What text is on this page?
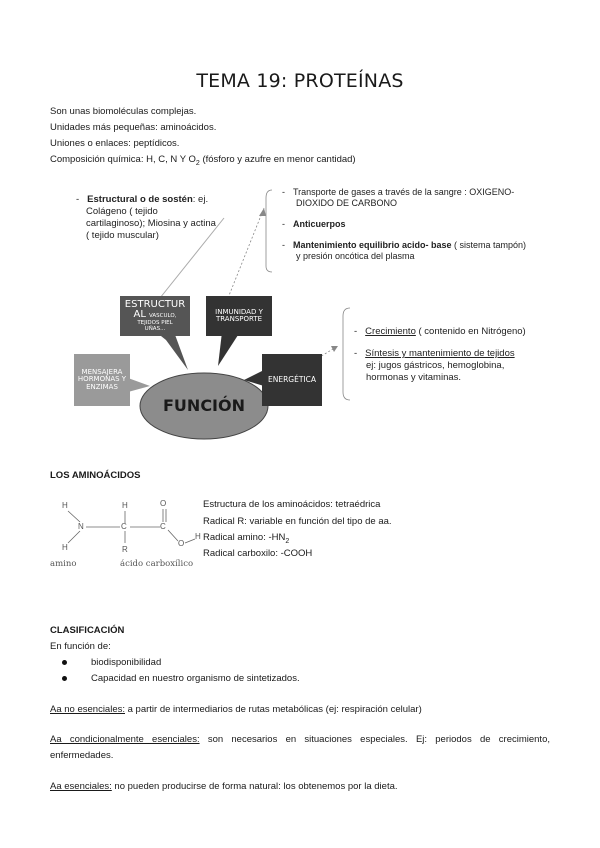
TEMA 19: PROTEÍNAS
Son unas biomoléculas complejas.
Unidades más pequeñas: aminoácidos.
Uniones o enlaces: peptídicos.
Composición química: H, C, N Y $O_2$ (fósforo y azufre en menor cantidad)
- Estructural o de sostén: ej.
Colágeno ( tejido
cartilaginoso); Miosina y actina
( tejido muscular)
- Transporte de gases a través de la sangre : OXIGENO-
DIOXIDO DE CARBONO
- Anticuerpos
- Mantenimiento equilibrio acido- base ( sistema tampón)
y presión oncótica del plasma
- Crecimiento ( contenido en Nitrógeno)
- Síntesis y mantenimiento de tejidos
ej: jugos gástricos, hemoglobina,
hormonas y vitaminas.
ESTRUCTUR
AL VASCULO,
TEJIDOS PIEL
UÑAS...
INMUNIDAD Y
TRANSPORTE
MENSAJERA
HORMONAS Y
ENZIMAS
ENERGÉTICA
FUNCIÓN
LOS AMINOÁCIDOS
H
N
H
H
C
R
C
O
O
H
amino	ácido carboxílico
Estructura de los aminoácidos: tetraédrica
Radical R: variable en función del tipo de aa.
Radical amino: $-HN_2$
Radical carboxilo: -COOH
CLASIFICACIÓN
En función de:
biodisponibilidad
Capacidad en nuestro organismo de sintetizados.
Aa no esenciales: a partir de intermediarios de rutas metabólicas (ej: respiración celular)
Aa condicionalmente esenciales: son necesarios en situaciones especiales. Ej: periodos de crecimiento,
enfermedades.
Aa esenciales: no pueden producirse de forma natural: los obtenemos por la dieta.
